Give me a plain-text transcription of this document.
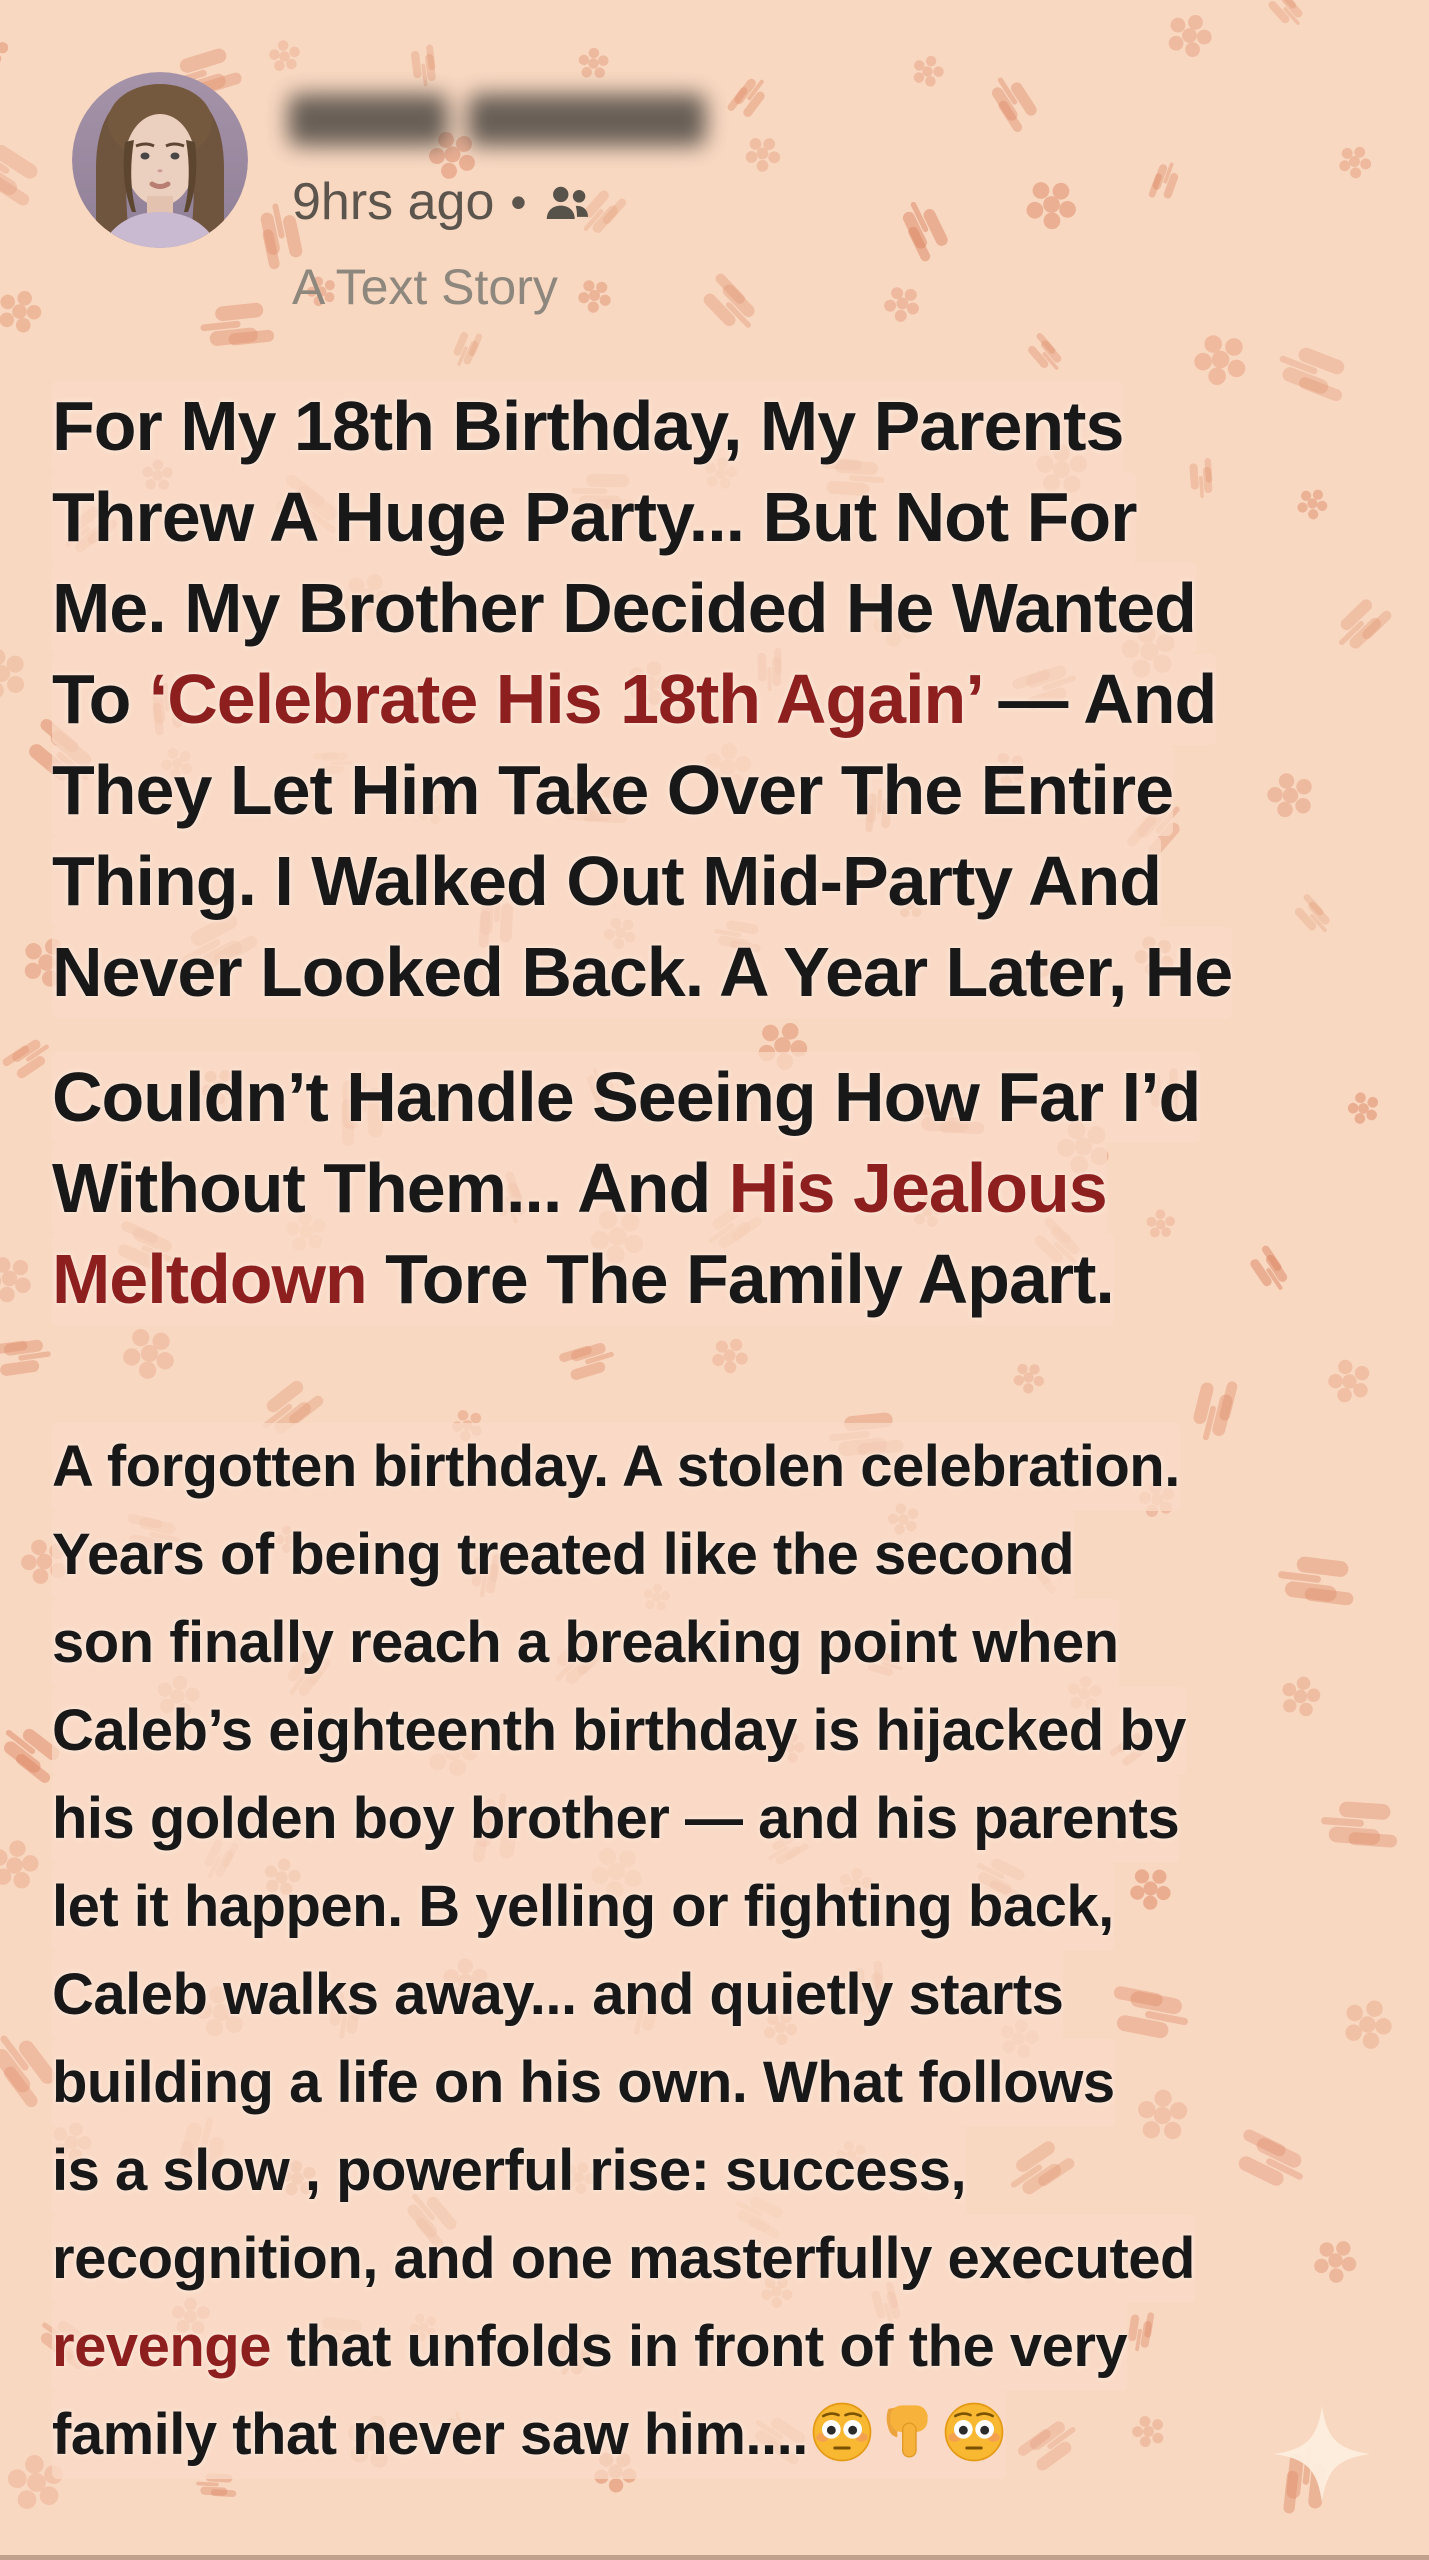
9hrs ago •
A Text Story
For My 18th Birthday, My Parents
Threw A Huge Party... But Not For
Me. My Brother Decided He Wanted
To ‘Celebrate His 18th Again’ — And
They Let Him Take Over The Entire
Thing. I Walked Out Mid-Party And
Never Looked Back. A Year Later, He
Couldn’t Handle Seeing How Far I’d
Without Them... And His Jealous
Meltdown Tore The Family Apart.
A forgotten birthday. A stolen celebration.
Years of being treated like the second
son finally reach a breaking point when
Caleb’s eighteenth birthday is hijacked by
his golden boy brother — and his parents
let it happen. B yelling or fighting back,
Caleb walks away... and quietly starts
building a life on his own. What follows
is a slow , powerful rise: success,
recognition, and one masterfully executed
revenge that unfolds in front of the very
family that never saw him....
